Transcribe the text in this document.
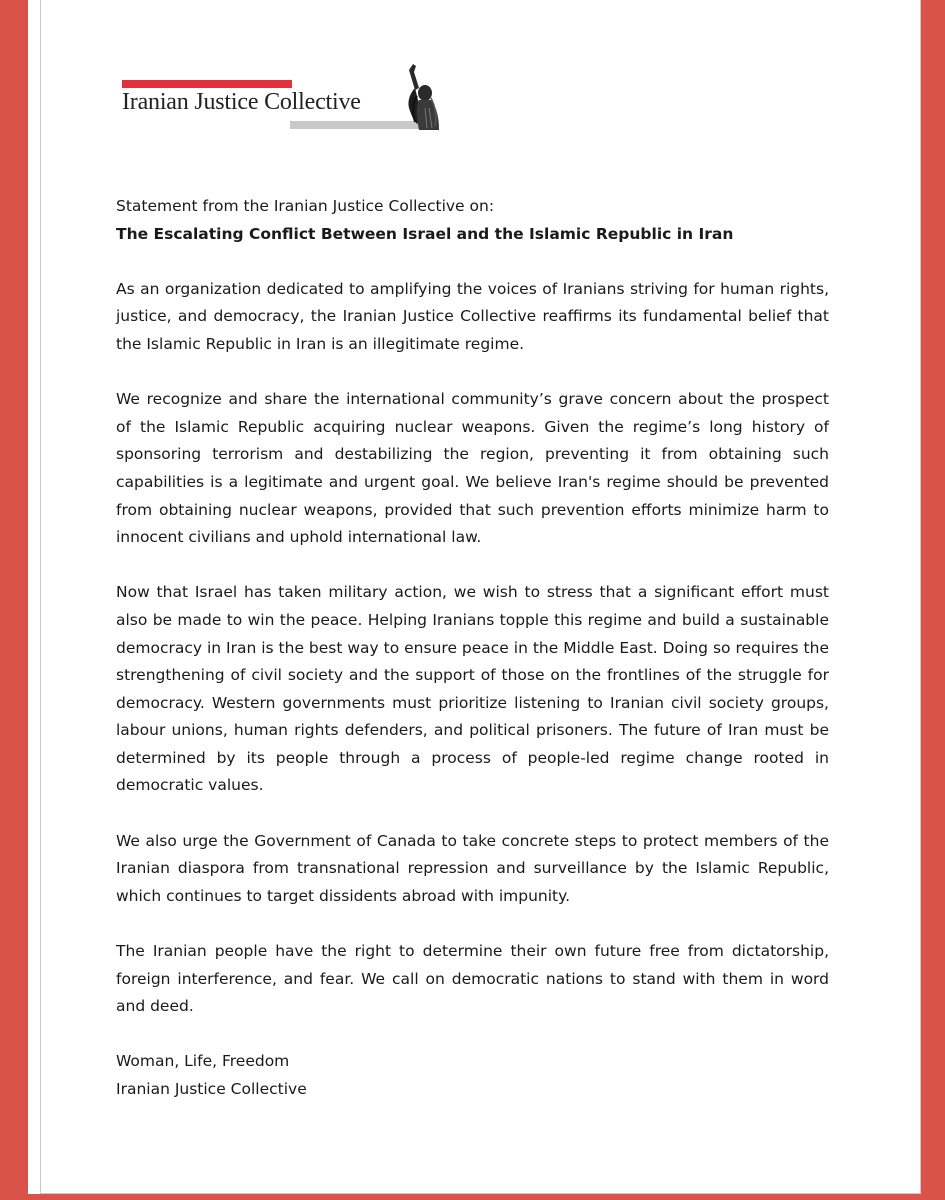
Iranian Justice Collective

Statement from the Iranian Justice Collective on:
The Escalating Conflict Between Israel and the Islamic Republic in Iran

As an organization dedicated to amplifying the voices of Iranians striving for human rights, justice, and democracy, the Iranian Justice Collective reaffirms its fundamental belief that the Islamic Republic in Iran is an illegitimate regime.

We recognize and share the international community’s grave concern about the prospect of the Islamic Republic acquiring nuclear weapons. Given the regime’s long history of sponsoring terrorism and destabilizing the region, preventing it from obtaining such capabilities is a legitimate and urgent goal. We believe Iran's regime should be prevented from obtaining nuclear weapons, provided that such prevention efforts minimize harm to innocent civilians and uphold international law.

Now that Israel has taken military action, we wish to stress that a significant effort must also be made to win the peace. Helping Iranians topple this regime and build a sustainable democracy in Iran is the best way to ensure peace in the Middle East. Doing so requires the strengthening of civil society and the support of those on the frontlines of the struggle for democracy. Western governments must prioritize listening to Iranian civil society groups, labour unions, human rights defenders, and political prisoners. The future of Iran must be determined by its people through a process of people-led regime change rooted in democratic values.

We also urge the Government of Canada to take concrete steps to protect members of the Iranian diaspora from transnational repression and surveillance by the Islamic Republic, which continues to target dissidents abroad with impunity.

The Iranian people have the right to determine their own future free from dictatorship, foreign interference, and fear. We call on democratic nations to stand with them in word and deed.

Woman, Life, Freedom
Iranian Justice Collective
